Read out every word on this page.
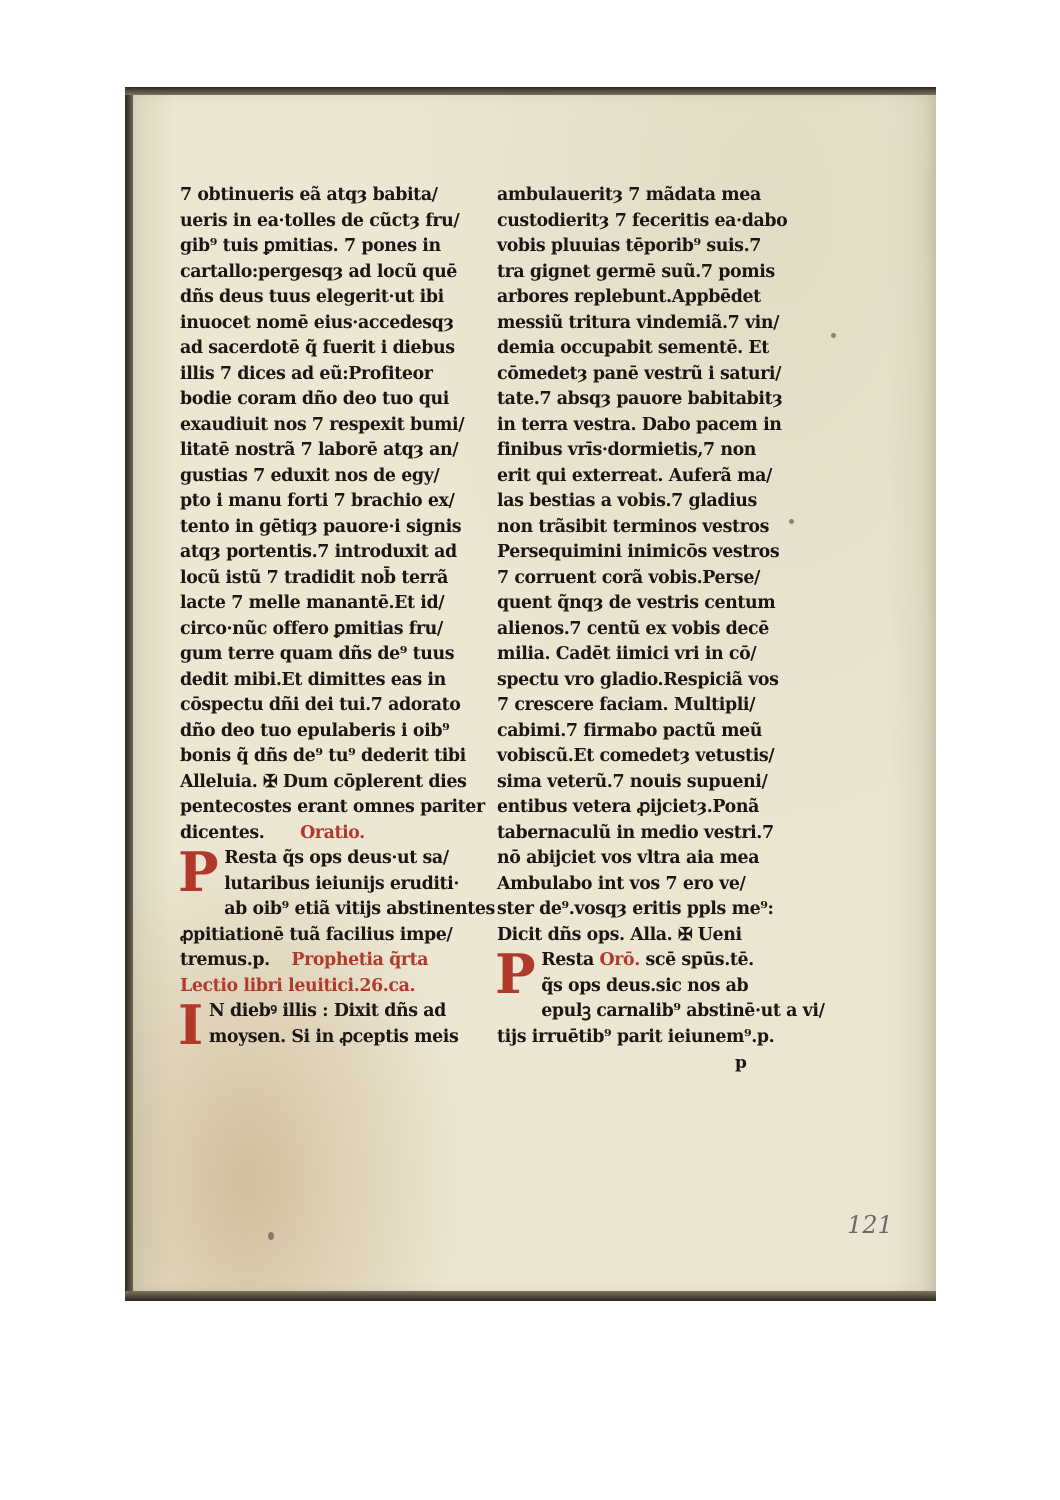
7 obtinueris eã atqȝ babita/
ueris in ea·tolles de cũctȝ fru/
gib⁹ tuis ꝑmitias. 7 pones in
cartallo:pergesqȝ ad locũ quē
dñs deus tuus elegerit·ut ibi
inuocet nomē eius·accedesqȝ
ad sacerdotē q̃ fuerit i diebus
illis 7 dices ad eũ:Profiteor
bodie coram dño deo tuo qui
exaudiuit nos 7 respexit bumi/
litatē nostrã 7 laborē atqȝ an/
gustias 7 eduxit nos de egy/
pto i manu forti 7 brachio ex/
tento in gētiqȝ pauore·i signis
atqȝ portentis.7 introduxit ad
locũ istũ 7 tradidit nob̄ terrã
lacte 7 melle manantē.Et id/
circo·nũc offero ꝑmitias fru/
gum terre quam dñs de⁹ tuus
dedit mibi.Et dimittes eas in
cōspectu dñi dei tui.7 adorato
dño deo tuo epulaberis i oib⁹
bonis q̃ dñs de⁹ tu⁹ dederit tibi
Alleluia. ✠ Dum cōplerent dies
pentecostes erant omnes pariter
dicentes. Oratio.
P Resta q̃s ops deus·ut sa/
lutaribus ieiunijs eruditi·
ab oib⁹ etiã vitijs abstinentes
ꝓpitiationē tuã facilius impe/
tremus.p. Prophetia q̃rta
Lectio libri leuitici.26.ca.
I N diebꝰ illis : Dixit dñs ad
moysen. Si in ꝓceptis meis
ambulaueritȝ 7 mãdata mea
custodieritȝ 7 feceritis ea·dabo
vobis pluuias tēporib⁹ suis.7
tra gignet germē suũ.7 pomis
arbores replebunt.Appbēdet
messiũ tritura vindemiã.7 vin/
demia occupabit sementē. Et
cōmedetȝ panē vestrũ i saturi/
tate.7 absqȝ pauore babitabitȝ
in terra vestra. Dabo pacem in
finibus vrīs·dormietis,7 non
erit qui exterreat. Auferã ma/
las bestias a vobis.7 gladius
non trãsibit terminos vestros
Persequimini inimicōs vestros
7 corruent corã vobis.Perse/
quent q̃nqȝ de vestris centum
alienos.7 centũ ex vobis decē
milia. Cadēt iimici vri in cō/
spectu vro gladio.Respiciã vos
7 crescere faciam. Multipli/
cabimi.7 firmabo pactũ meũ
vobiscũ.Et comedetȝ vetustis/
sima veterũ.7 nouis supueni/
entibus vetera ꝓijcietȝ.Ponã
tabernaculũ in medio vestri.7
nō abijciet vos vltra aia mea
Ambulabo int vos 7 ero ve/
ster de⁹.vosqȝ eritis ppls me⁹:
Dicit dñs ops. Alla. ✠ Ueni
P Resta Orō. scē spūs.tē.
q̃s ops deus.sic nos ab
epulꝫ carnalib⁹ abstinē·ut a vi/
tijs irruētib⁹ parit ieiunem⁹.p.
p
121
